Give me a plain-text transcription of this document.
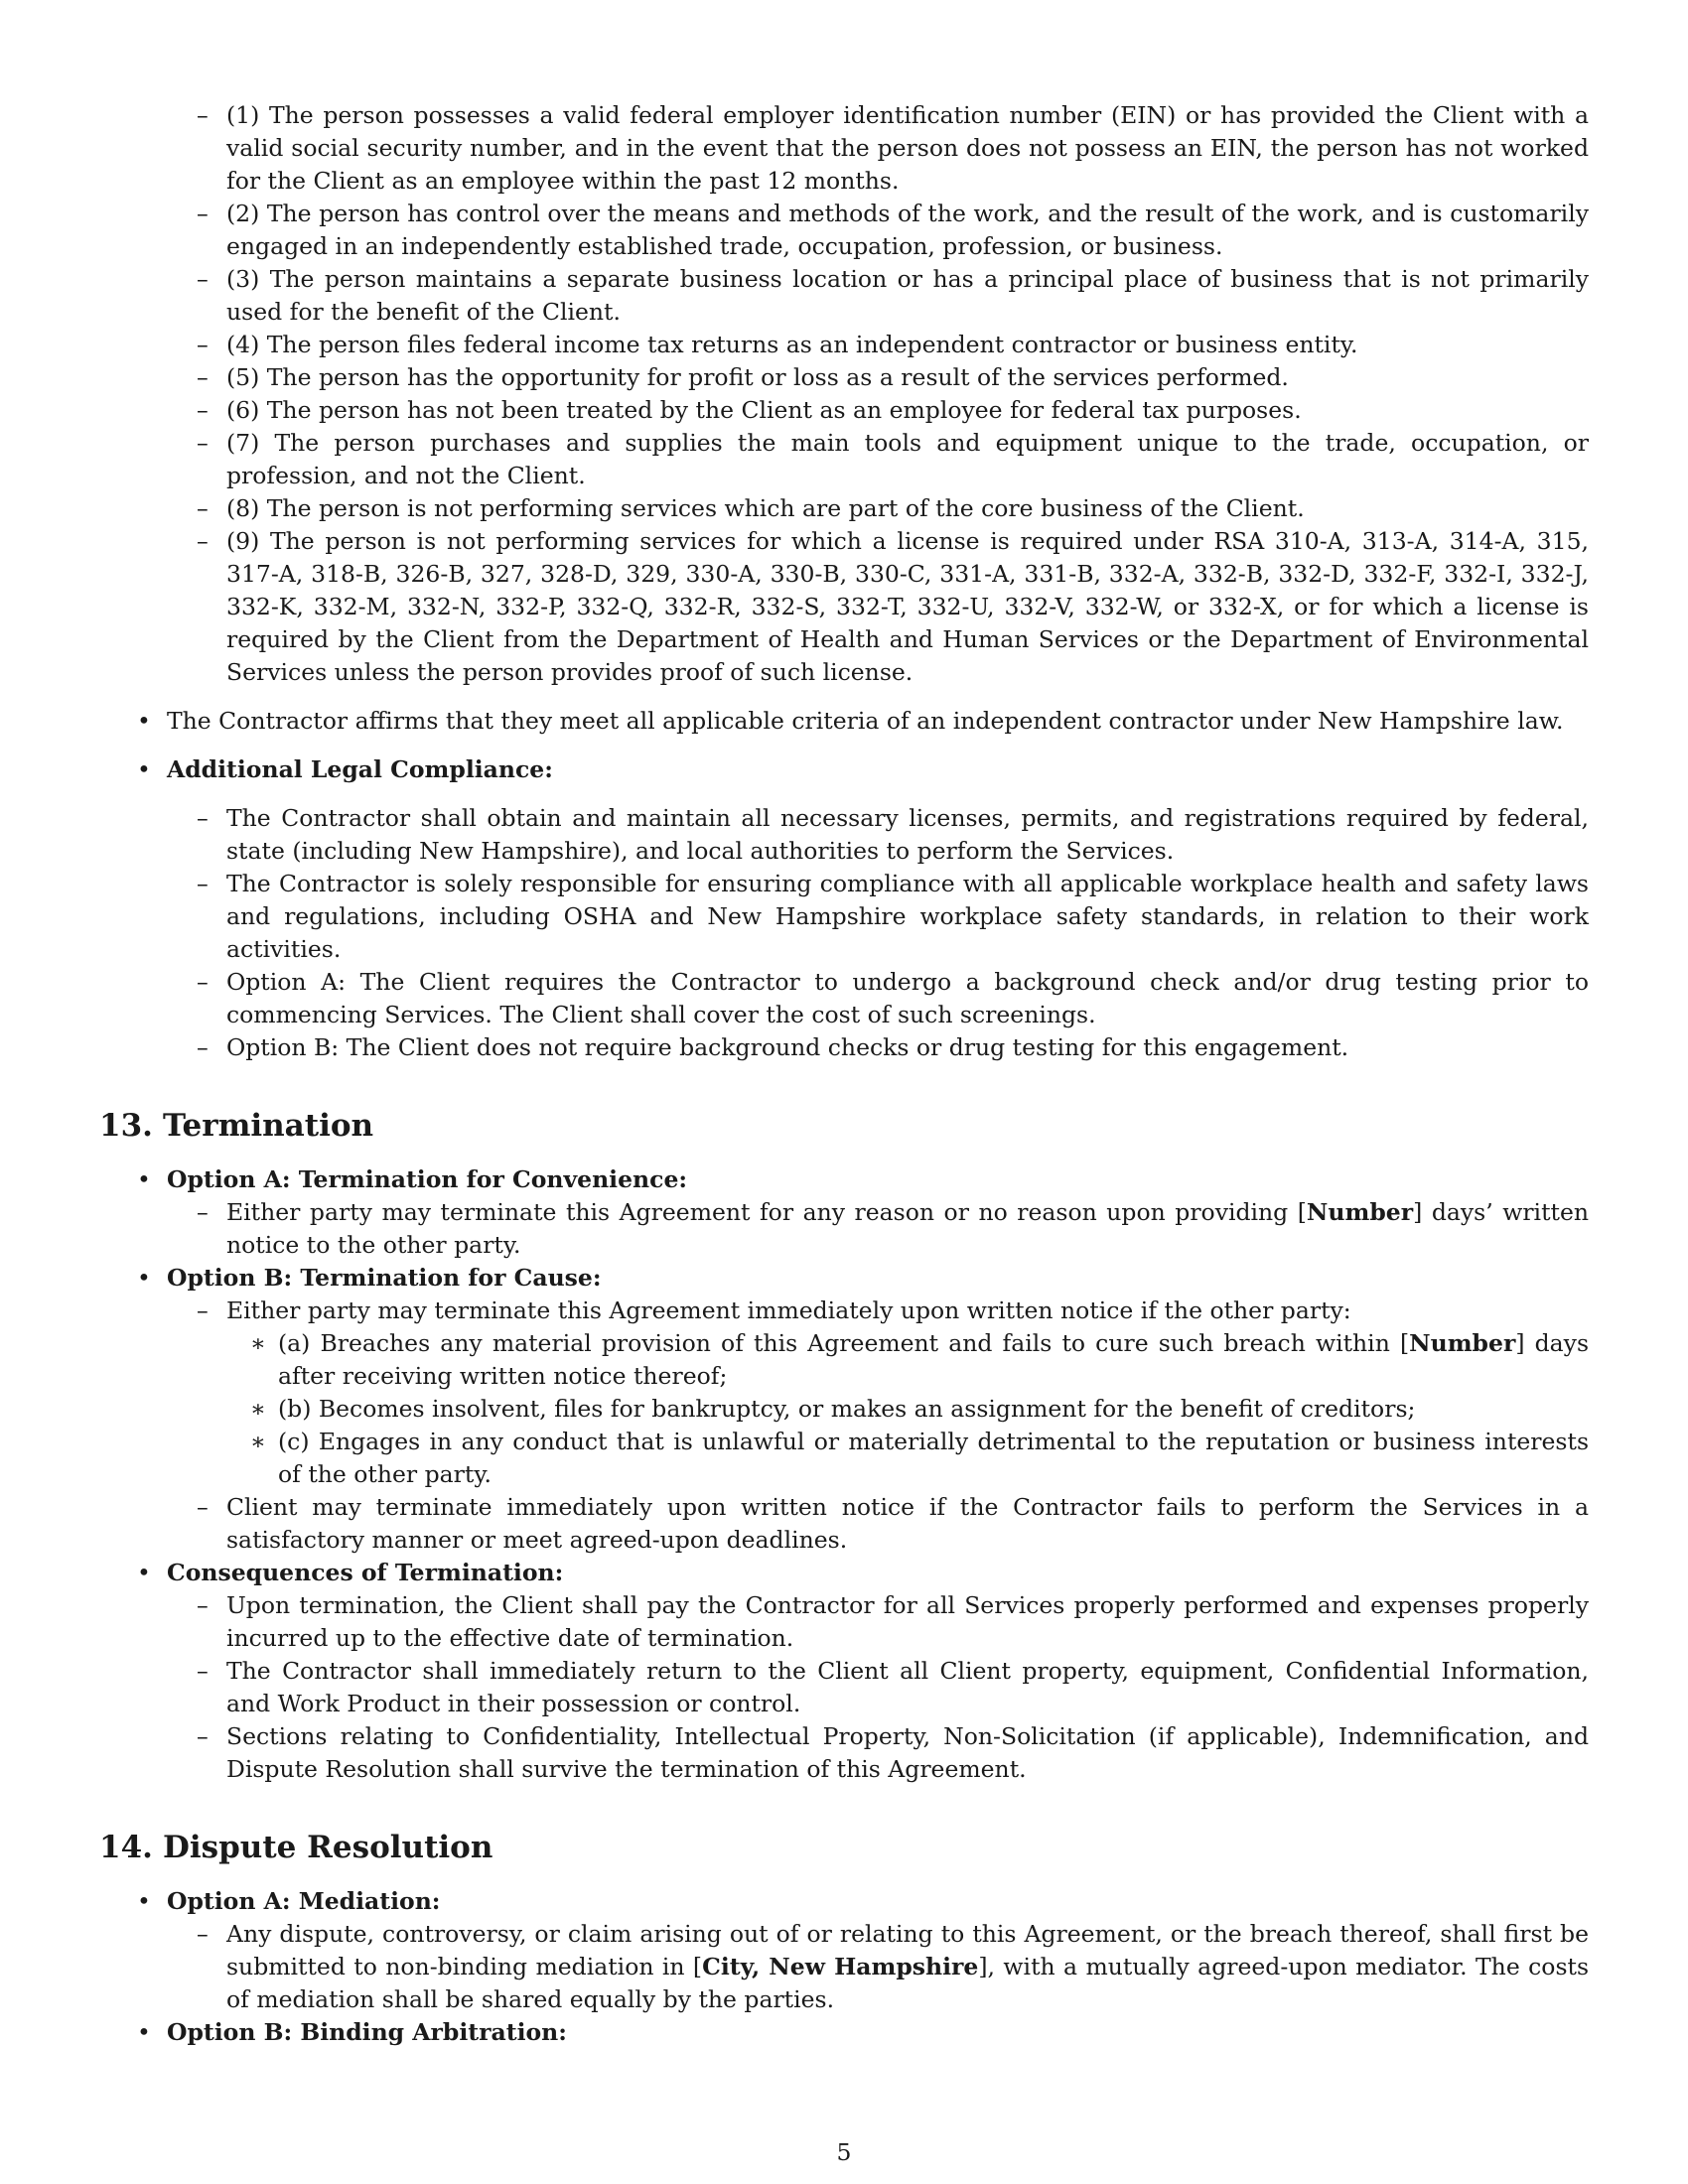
– (1) The person possesses a valid federal employer identification number (EIN) or has provided the Client with a valid social security number, and in the event that the person does not possess an EIN, the person has not worked for the Client as an employee within the past 12 months.
– (2) The person has control over the means and methods of the work, and the result of the work, and is customarily engaged in an independently established trade, occupation, profession, or business.
– (3) The person maintains a separate business location or has a principal place of business that is not primarily used for the benefit of the Client.
– (4) The person files federal income tax returns as an independent contractor or business entity.
– (5) The person has the opportunity for profit or loss as a result of the services performed.
– (6) The person has not been treated by the Client as an employee for federal tax purposes.
– (7) The person purchases and supplies the main tools and equipment unique to the trade, occupation, or profession, and not the Client.
– (8) The person is not performing services which are part of the core business of the Client.
– (9) The person is not performing services for which a license is required under RSA 310-A, 313-A, 314-A, 315, 317-A, 318-B, 326-B, 327, 328-D, 329, 330-A, 330-B, 330-C, 331-A, 331-B, 332-A, 332-B, 332-D, 332-F, 332-I, 332-J, 332-K, 332-M, 332-N, 332-P, 332-Q, 332-R, 332-S, 332-T, 332-U, 332-V, 332-W, or 332-X, or for which a license is required by the Client from the Department of Health and Human Services or the Department of Environmental Services unless the person provides proof of such license.
• The Contractor affirms that they meet all applicable criteria of an independent contractor under New Hampshire law.
• Additional Legal Compliance:
– The Contractor shall obtain and maintain all necessary licenses, permits, and registrations required by federal, state (including New Hampshire), and local authorities to perform the Services.
– The Contractor is solely responsible for ensuring compliance with all applicable workplace health and safety laws and regulations, including OSHA and New Hampshire workplace safety standards, in relation to their work activities.
– Option A: The Client requires the Contractor to undergo a background check and/or drug testing prior to commencing Services. The Client shall cover the cost of such screenings.
– Option B: The Client does not require background checks or drug testing for this engagement.
13. Termination
• Option A: Termination for Convenience:
– Either party may terminate this Agreement for any reason or no reason upon providing [Number] days’ written notice to the other party.
• Option B: Termination for Cause:
– Either party may terminate this Agreement immediately upon written notice if the other party:
∗ (a) Breaches any material provision of this Agreement and fails to cure such breach within [Number] days after receiving written notice thereof;
∗ (b) Becomes insolvent, files for bankruptcy, or makes an assignment for the benefit of creditors;
∗ (c) Engages in any conduct that is unlawful or materially detrimental to the reputation or business interests of the other party.
– Client may terminate immediately upon written notice if the Contractor fails to perform the Services in a satisfactory manner or meet agreed-upon deadlines.
• Consequences of Termination:
– Upon termination, the Client shall pay the Contractor for all Services properly performed and expenses properly incurred up to the effective date of termination.
– The Contractor shall immediately return to the Client all Client property, equipment, Confidential Information, and Work Product in their possession or control.
– Sections relating to Confidentiality, Intellectual Property, Non-Solicitation (if applicable), Indemnification, and Dispute Resolution shall survive the termination of this Agreement.
14. Dispute Resolution
• Option A: Mediation:
– Any dispute, controversy, or claim arising out of or relating to this Agreement, or the breach thereof, shall first be submitted to non-binding mediation in [City, New Hampshire], with a mutually agreed-upon mediator. The costs of mediation shall be shared equally by the parties.
• Option B: Binding Arbitration:
5
